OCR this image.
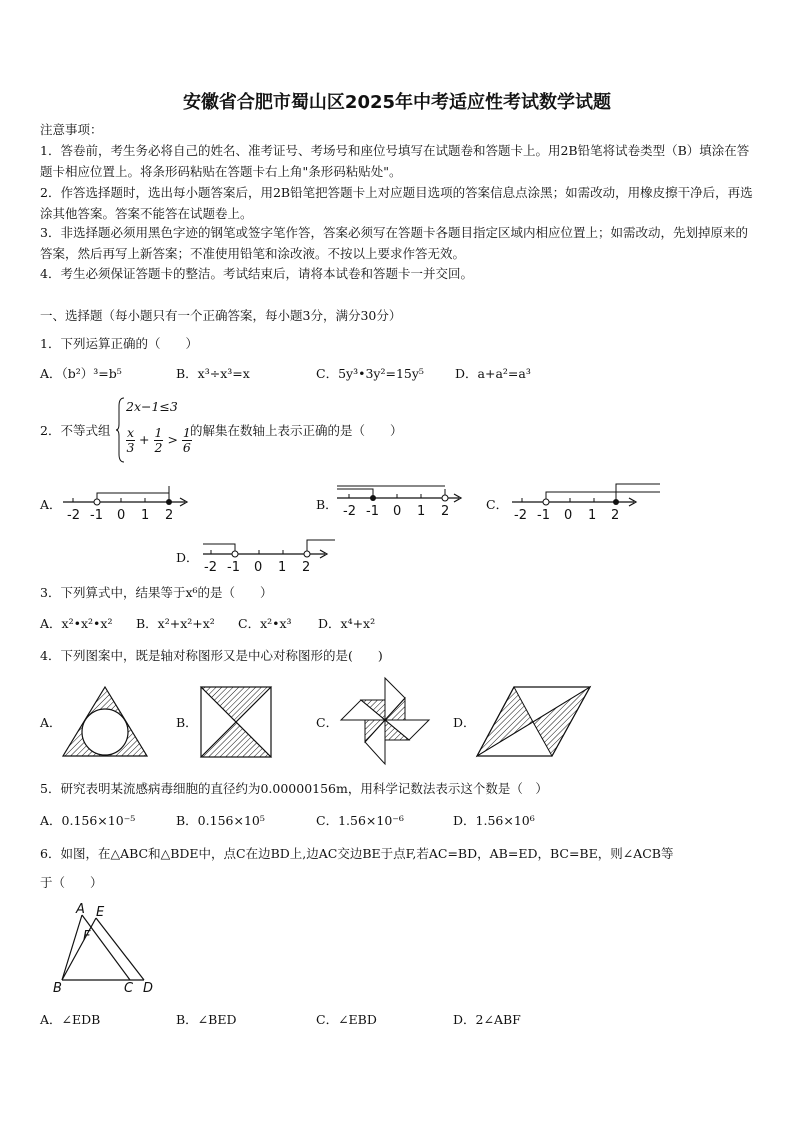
安徽省合肥市蜀山区2025年中考适应性考试数学试题
注意事项：
1．答卷前，考生务必将自己的姓名、准考证号、考场号和座位号填写在试题卷和答题卡上。用2B铅笔将试卷类型（B）填涂在答题卡相应位置上。将条形码粘贴在答题卡右上角"条形码粘贴处"。
2．作答选择题时，选出每小题答案后，用2B铅笔把答题卡上对应题目选项的答案信息点涂黑；如需改动，用橡皮擦干净后，再选涂其他答案。答案不能答在试题卷上。
3．非选择题必须用黑色字迹的钢笔或签字笔作答，答案必须写在答题卡各题目指定区域内相应位置上；如需改动，先划掉原来的答案，然后再写上新答案；不准使用铅笔和涂改液。不按以上要求作答无效。
4．考生必须保证答题卡的整洁。考试结束后，请将本试卷和答题卡一并交回。
一、选择题（每小题只有一个正确答案，每小题3分，满分30分）
1．下列运算正确的（　　）
A．（b²）³=b⁵	B．x³÷x³=x	C．5y³•3y²=15y⁵ D．a+a²=a³
2．不等式组
2x−1≤3
$\frac{x}{3} + \frac{1}{2} > \frac{1}{6}$
的解集在数轴上表示正确的是（　　）
A．	B．	C．
D．
-2 -1 0 1 2	-2 -1 0 1 2	-2 -1 0 1 2
-2 -1 0 1 2
3．下列算式中，结果等于x⁶的是（　　）
A．x²•x²•x² B．x²+x²+x² C．x²•x³ D．x⁴+x²
4．下列图案中，既是轴对称图形又是中心对称图形的是(　　)
A．	B．	C．	D．
5．研究表明某流感病毒细胞的直径约为0.00000156m，用科学记数法表示这个数是（　）
A．0.156×10⁻⁵	B．0.156×10⁵	C．1.56×10⁻⁶	D．1.56×10⁶
6．如图，在△ABC和△BDE中，点C在边BD上,边AC交边BE于点F,若AC=BD，AB=ED，BC=BE，则∠ACB等
于（　　）
A E
F
B	C D
A．∠EDB	B．∠BED	C．∠EBD	D．2∠ABF
